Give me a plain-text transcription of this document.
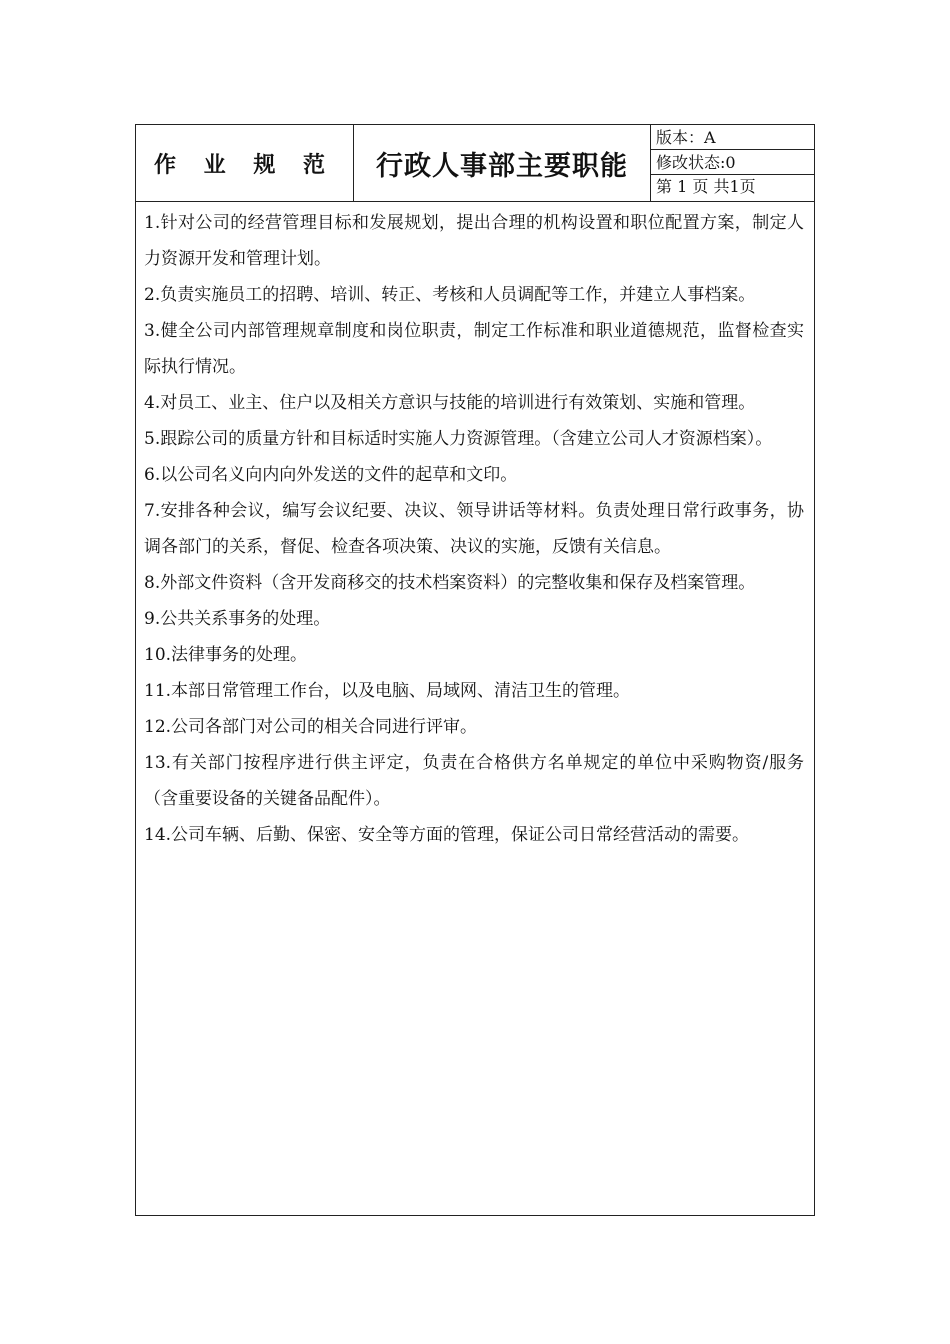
作 业 规 范	行政人事部主要职能
版本：A
修改状态:0
第 1 页 共1页

1.针对公司的经营管理目标和发展规划，提出合理的机构设置和职位配置方案，制定人力资源开发和管理计划。

2.负责实施员工的招聘、培训、转正、考核和人员调配等工作，并建立人事档案。

3.健全公司内部管理规章制度和岗位职责，制定工作标准和职业道德规范，监督检查实际执行情况。

4.对员工、业主、住户以及相关方意识与技能的培训进行有效策划、实施和管理。

5.跟踪公司的质量方针和目标适时实施人力资源管理。（含建立公司人才资源档案）。

6.以公司名义向内向外发送的文件的起草和文印。

7.安排各种会议，编写会议纪要、决议、领导讲话等材料。负责处理日常行政事务，协调各部门的关系，督促、检查各项决策、决议的实施，反馈有关信息。

8.外部文件资料（含开发商移交的技术档案资料）的完整收集和保存及档案管理。

9.公共关系事务的处理。

10.法律事务的处理。

11.本部日常管理工作台，以及电脑、局域网、清洁卫生的管理。

12.公司各部门对公司的相关合同进行评审。

13.有关部门按程序进行供主评定，负责在合格供方名单规定的单位中采购物资/服务（含重要设备的关键备品配件）。

14.公司车辆、后勤、保密、安全等方面的管理，保证公司日常经营活动的需要。
